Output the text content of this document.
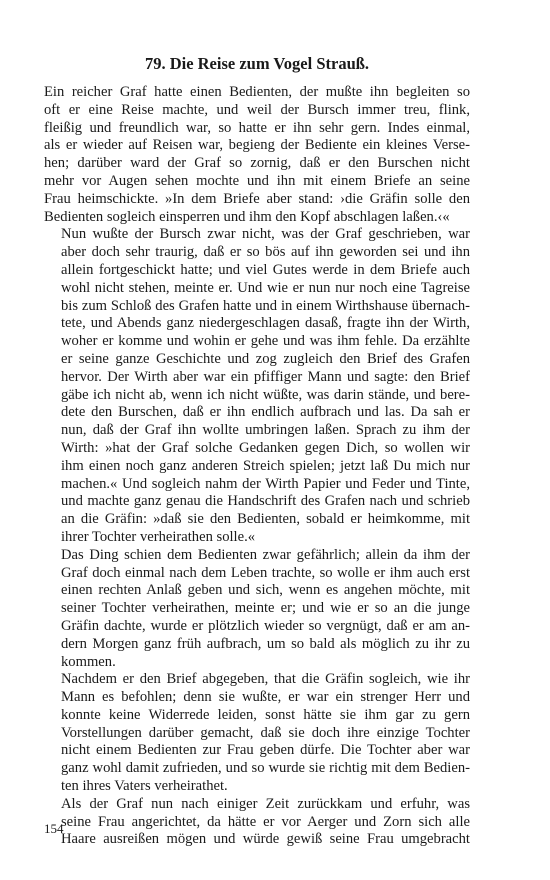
79. Die Reise zum Vogel Strauß.

Ein reicher Graf hatte einen Bedienten, der mußte ihn begleiten so
oft er eine Reise machte, und weil der Bursch immer treu, flink,
fleißig und freundlich war, so hatte er ihn sehr gern. Indes einmal,
als er wieder auf Reisen war, begieng der Bediente ein kleines Verse-
hen; darüber ward der Graf so zornig, daß er den Burschen nicht
mehr vor Augen sehen mochte und ihn mit einem Briefe an seine
Frau heimschickte. »In dem Briefe aber stand: ›die Gräfin solle den
Bedienten sogleich einsperren und ihm den Kopf abschlagen laßen.‹«

Nun wußte der Bursch zwar nicht, was der Graf geschrieben, war
aber doch sehr traurig, daß er so bös auf ihn geworden sei und ihn
allein fortgeschickt hatte; und viel Gutes werde in dem Briefe auch
wohl nicht stehen, meinte er. Und wie er nun nur noch eine Tagreise
bis zum Schloß des Grafen hatte und in einem Wirthshause übernach-
tete, und Abends ganz niedergeschlagen dasaß, fragte ihn der Wirth,
woher er komme und wohin er gehe und was ihm fehle. Da erzählte
er seine ganze Geschichte und zog zugleich den Brief des Grafen
hervor. Der Wirth aber war ein pfiffiger Mann und sagte: den Brief
gäbe ich nicht ab, wenn ich nicht wüßte, was darin stände, und bere-
dete den Burschen, daß er ihn endlich aufbrach und las. Da sah er
nun, daß der Graf ihn wollte umbringen laßen. Sprach zu ihm der
Wirth: »hat der Graf solche Gedanken gegen Dich, so wollen wir
ihm einen noch ganz anderen Streich spielen; jetzt laß Du mich nur
machen.« Und sogleich nahm der Wirth Papier und Feder und Tinte,
und machte ganz genau die Handschrift des Grafen nach und schrieb
an die Gräfin: »daß sie den Bedienten, sobald er heimkomme, mit
ihrer Tochter verheirathen solle.«

Das Ding schien dem Bedienten zwar gefährlich; allein da ihm der
Graf doch einmal nach dem Leben trachte, so wolle er ihm auch erst
einen rechten Anlaß geben und sich, wenn es angehen möchte, mit
seiner Tochter verheirathen, meinte er; und wie er so an die junge
Gräfin dachte, wurde er plötzlich wieder so vergnügt, daß er am an-
dern Morgen ganz früh aufbrach, um so bald als möglich zu ihr zu
kommen.

Nachdem er den Brief abgegeben, that die Gräfin sogleich, wie ihr
Mann es befohlen; denn sie wußte, er war ein strenger Herr und
konnte keine Widerrede leiden, sonst hätte sie ihm gar zu gern
Vorstellungen darüber gemacht, daß sie doch ihre einzige Tochter
nicht einem Bedienten zur Frau geben dürfe. Die Tochter aber war
ganz wohl damit zufrieden, und so wurde sie richtig mit dem Bedien-
ten ihres Vaters verheirathet.

Als der Graf nun nach einiger Zeit zurückkam und erfuhr, was
seine Frau angerichtet, da hätte er vor Aerger und Zorn sich alle
Haare ausreißen mögen und würde gewiß seine Frau umgebracht

154
